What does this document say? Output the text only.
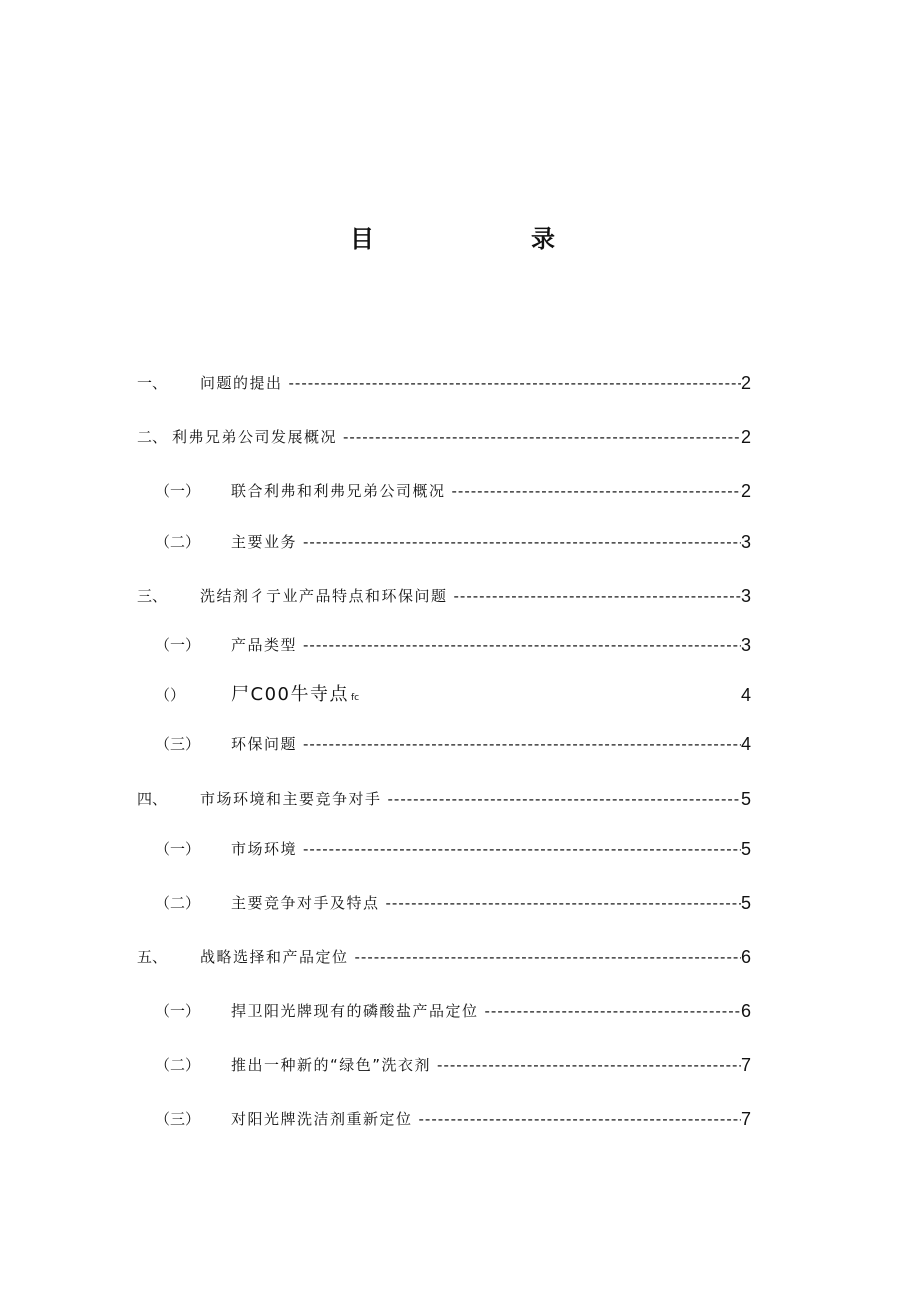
目	录
一、 问题的提出 -----	2
二、 利弗兄弟公司发展概况 -----	2
（一） 联合利弗和利弗兄弟公司概况 -----	2
（二） 主要业务 -----	3
三、 洗结剂彳亍业产品特点和环保问题 -----	3
（一） 产品类型 -----	3
（）	尸C00牛寺点 fc	4
（三） 环保问题 -----	4
四、 市场环境和主要竞争对手 -----	5
（一） 市场环境 -----	5
（二） 主要竞争对手及特点 -----	5
五、 战略选择和产品定位 -----	6
（一） 捍卫阳光牌现有的磷酸盐产品定位 -----	6
（二） 推出一种新的“绿色”洗衣剂 -----	7
（三） 对阳光牌洗洁剂重新定位 -----	7
